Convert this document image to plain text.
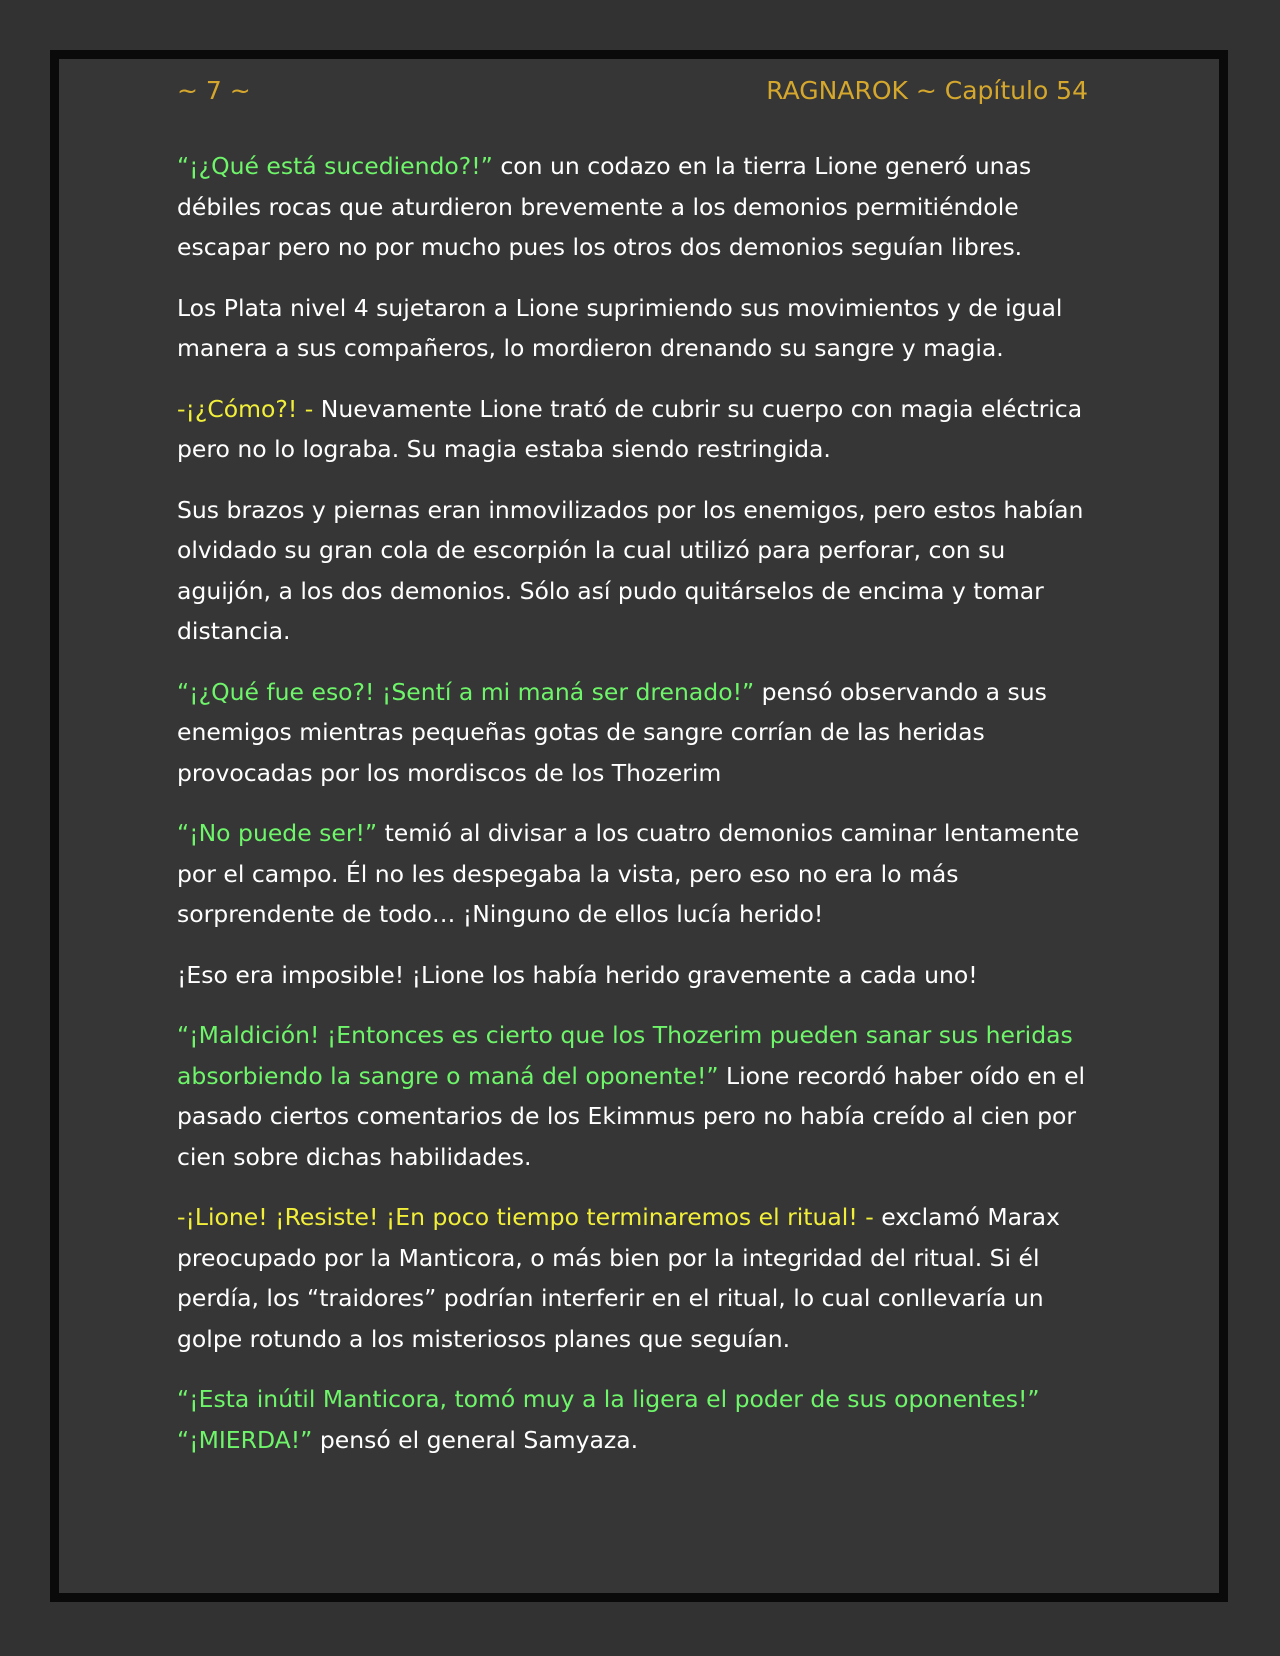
~ 7 ~	RAGNAROK ~ Capítulo 54

“¡¿Qué está sucediendo?!” con un codazo en la tierra Lione generó unas débiles rocas que aturdieron brevemente a los demonios permitiéndole escapar pero no por mucho pues los otros dos demonios seguían libres.

Los Plata nivel 4 sujetaron a Lione suprimiendo sus movimientos y de igual manera a sus compañeros, lo mordieron drenando su sangre y magia.

-¡¿Cómo?! - Nuevamente Lione trató de cubrir su cuerpo con magia eléctrica pero no lo lograba. Su magia estaba siendo restringida.

Sus brazos y piernas eran inmovilizados por los enemigos, pero estos habían olvidado su gran cola de escorpión la cual utilizó para perforar, con su aguijón, a los dos demonios. Sólo así pudo quitárselos de encima y tomar distancia.

“¡¿Qué fue eso?! ¡Sentí a mi maná ser drenado!” pensó observando a sus enemigos mientras pequeñas gotas de sangre corrían de las heridas provocadas por los mordiscos de los Thozerim

“¡No puede ser!” temió al divisar a los cuatro demonios caminar lentamente por el campo. Él no les despegaba la vista, pero eso no era lo más sorprendente de todo… ¡Ninguno de ellos lucía herido!

¡Eso era imposible! ¡Lione los había herido gravemente a cada uno!

“¡Maldición! ¡Entonces es cierto que los Thozerim pueden sanar sus heridas absorbiendo la sangre o maná del oponente!” Lione recordó haber oído en el pasado ciertos comentarios de los Ekimmus pero no había creído al cien por cien sobre dichas habilidades.

-¡Lione! ¡Resiste! ¡En poco tiempo terminaremos el ritual! - exclamó Marax preocupado por la Manticora, o más bien por la integridad del ritual. Si él perdía, los “traidores” podrían interferir en el ritual, lo cual conllevaría un golpe rotundo a los misteriosos planes que seguían.

“¡Esta inútil Manticora, tomó muy a la ligera el poder de sus oponentes!” “¡MIERDA!” pensó el general Samyaza.
